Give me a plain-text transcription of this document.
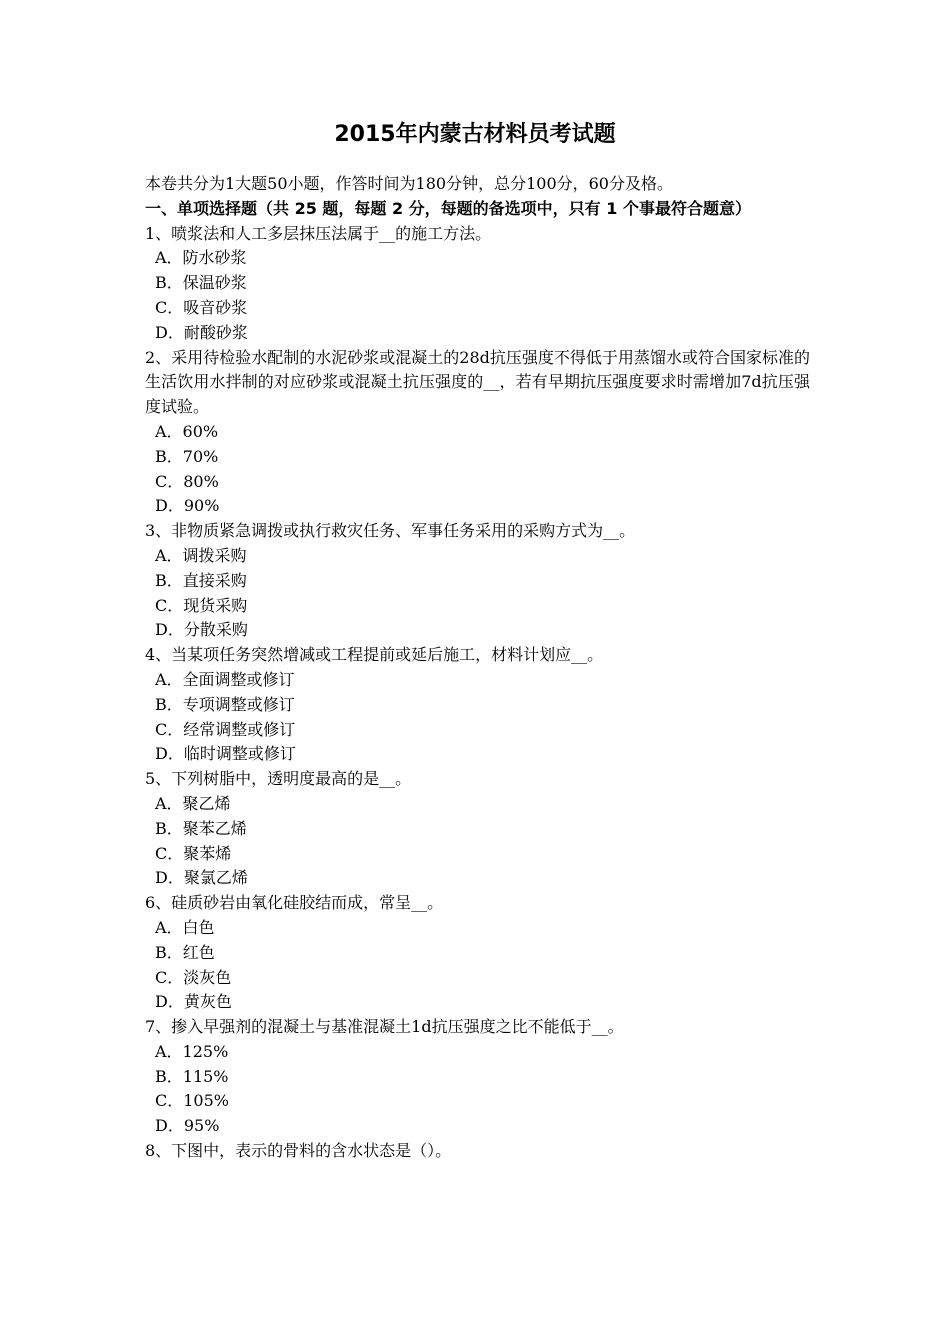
2015年内蒙古材料员考试题

本卷共分为1大题50小题，作答时间为180分钟，总分100分，60分及格。

一、单项选择题（共 25 题，每题 2 分，每题的备选项中，只有 1 个事最符合题意）

1、喷浆法和人工多层抹压法属于__的施工方法。

A．防水砂浆

B．保温砂浆

C．吸音砂浆

D．耐酸砂浆

2、采用待检验水配制的水泥砂浆或混凝土的28d抗压强度不得低于用蒸馏水或符合国家标准的生活饮用水拌制的对应砂浆或混凝土抗压强度的__，若有早期抗压强度要求时需增加7d抗压强度试验。

A．60%

B．70%

C．80%

D．90%

3、非物质紧急调拨或执行救灾任务、军事任务采用的采购方式为__。

A．调拨采购

B．直接采购

C．现货采购

D．分散采购

4、当某项任务突然增减或工程提前或延后施工，材料计划应__。

A．全面调整或修订

B．专项调整或修订

C．经常调整或修订

D．临时调整或修订

5、下列树脂中，透明度最高的是__。

A．聚乙烯

B．聚苯乙烯

C．聚苯烯

D．聚氯乙烯

6、硅质砂岩由氧化硅胶结而成，常呈__。

A．白色

B．红色

C．淡灰色

D．黄灰色

7、掺入早强剂的混凝土与基准混凝土1d抗压强度之比不能低于__。

A．125%

B．115%

C．105%

D．95%

8、下图中，表示的骨料的含水状态是（）。
